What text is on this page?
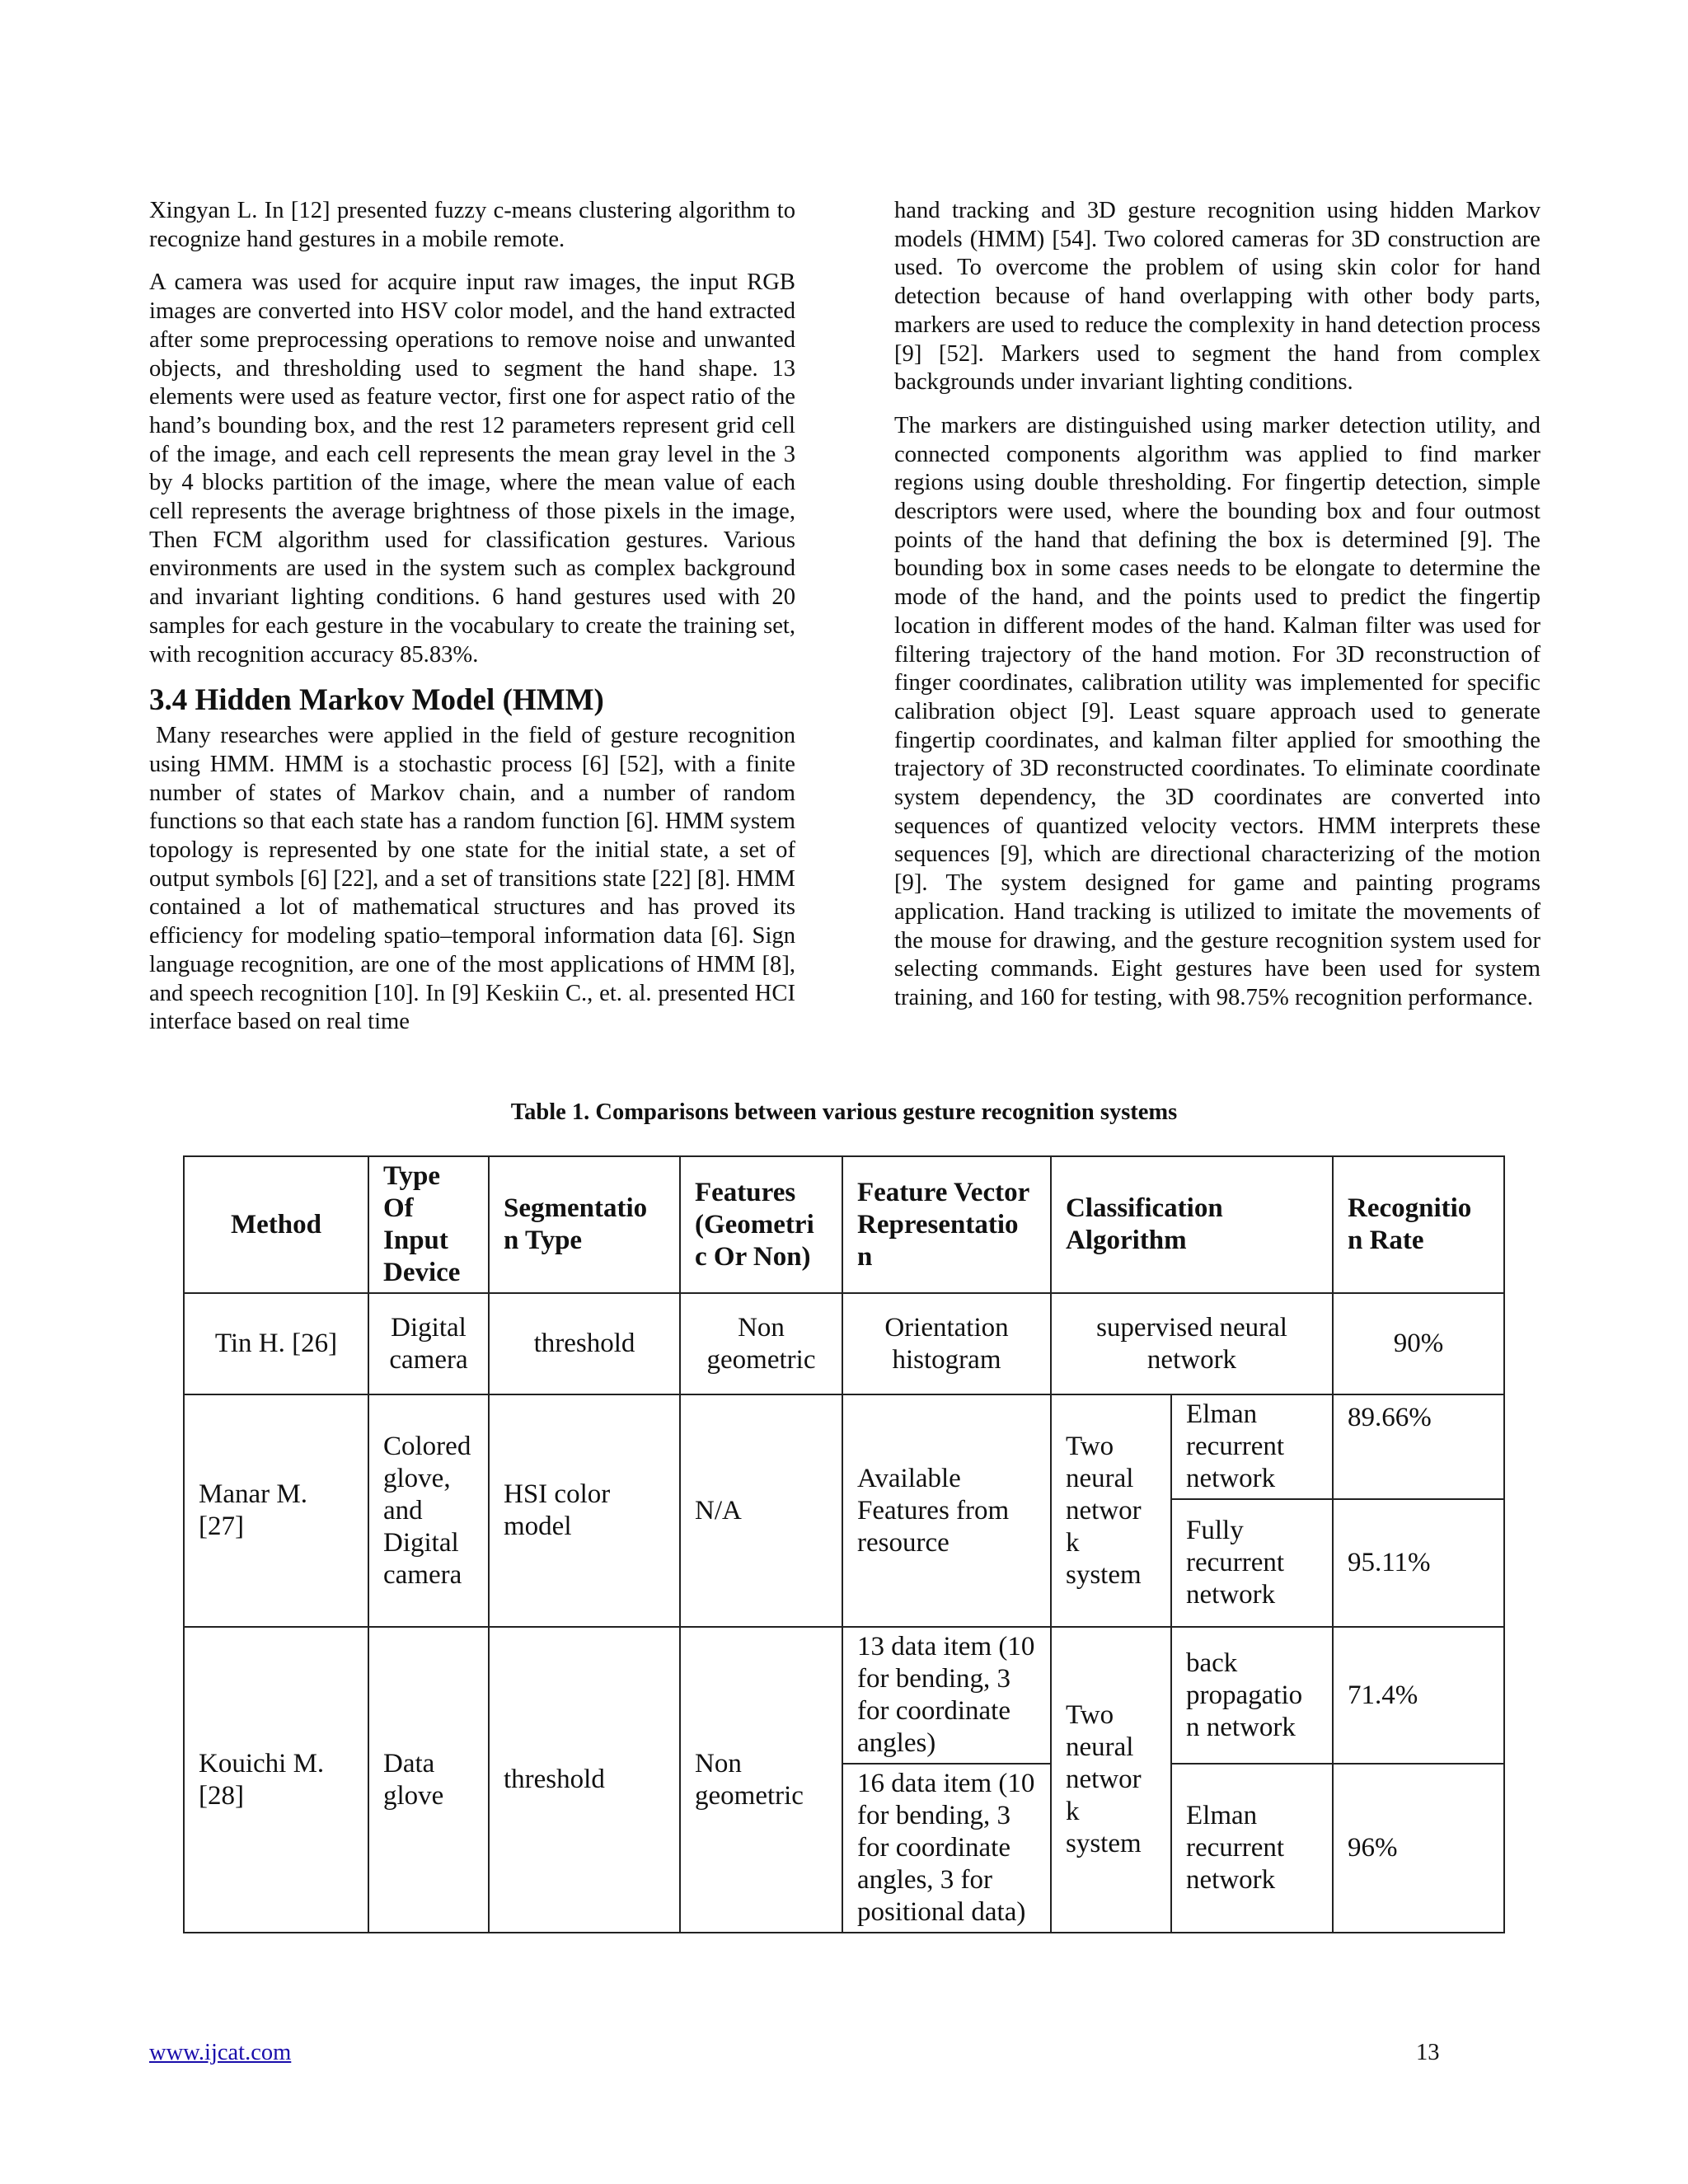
Xingyan L. In [12] presented fuzzy c-means clustering algorithm to recognize hand gestures in a mobile remote.

A camera was used for acquire input raw images, the input RGB images are converted into HSV color model, and the hand extracted after some preprocessing operations to remove noise and unwanted objects, and thresholding used to segment the hand shape. 13 elements were used as feature vector, first one for aspect ratio of the hand’s bounding box, and the rest 12 parameters represent grid cell of the image, and each cell represents the mean gray level in the 3 by 4 blocks partition of the image, where the mean value of each cell represents the average brightness of those pixels in the image, Then FCM algorithm used for classification gestures. Various environments are used in the system such as complex background and invariant lighting conditions. 6 hand gestures used with 20 samples for each gesture in the vocabulary to create the training set, with recognition accuracy 85.83%.

3.4 Hidden Markov Model (HMM)

Many researches were applied in the field of gesture recognition using HMM. HMM is a stochastic process [6] [52], with a finite number of states of Markov chain, and a number of random functions so that each state has a random function [6]. HMM system topology is represented by one state for the initial state, a set of output symbols [6] [22], and a set of transitions state [22] [8]. HMM contained a lot of mathematical structures and has proved its efficiency for modeling spatio–temporal information data [6]. Sign language recognition, are one of the most applications of HMM [8], and speech recognition [10]. In [9] Keskiin C., et. al. presented HCI interface based on real time

hand tracking and 3D gesture recognition using hidden Markov models (HMM) [54]. Two colored cameras for 3D construction are used. To overcome the problem of using skin color for hand detection because of hand overlapping with other body parts, markers are used to reduce the complexity in hand detection process [9] [52]. Markers used to segment the hand from complex backgrounds under invariant lighting conditions.

The markers are distinguished using marker detection utility, and connected components algorithm was applied to find marker regions using double thresholding. For fingertip detection, simple descriptors were used, where the bounding box and four outmost points of the hand that defining the box is determined [9]. The bounding box in some cases needs to be elongate to determine the mode of the hand, and the points used to predict the fingertip location in different modes of the hand. Kalman filter was used for filtering trajectory of the hand motion. For 3D reconstruction of finger coordinates, calibration utility was implemented for specific calibration object [9]. Least square approach used to generate fingertip coordinates, and kalman filter applied for smoothing the trajectory of 3D reconstructed coordinates. To eliminate coordinate system dependency, the 3D coordinates are converted into sequences of quantized velocity vectors. HMM interprets these sequences [9], which are directional characterizing of the motion [9]. The system designed for game and painting programs application. Hand tracking is utilized to imitate the movements of the mouse for drawing, and the gesture recognition system used for selecting commands. Eight gestures have been used for system training, and 160 for testing, with 98.75% recognition performance.

Table 1. Comparisons between various gesture recognition systems
Method	Type Of Input Device	Segmentatio n Type	Features (Geometri c Or Non)	Feature Vector Representatio n	Classification Algorithm		Recognitio n Rate
Tin H. [26]	Digital camera	threshold	Non geometric	Orientation histogram	supervised neural network		90%
Manar M. [27]	Colored glove, and Digital camera	HSI color model	N/A	Available Features from resource	Two neural networ k system	Elman recurrent network	89.66%
						Fully recurrent network	95.11%
Kouichi M. [28]	Data glove	threshold	Non geometric	13 data item (10 for bending, 3 for coordinate angles)	Two neural networ k system	back propagatio n network	71.4%
				16 data item (10 for bending, 3 for coordinate angles, 3 for positional data)		Elman recurrent network	96%
www.ijcat.com	13
